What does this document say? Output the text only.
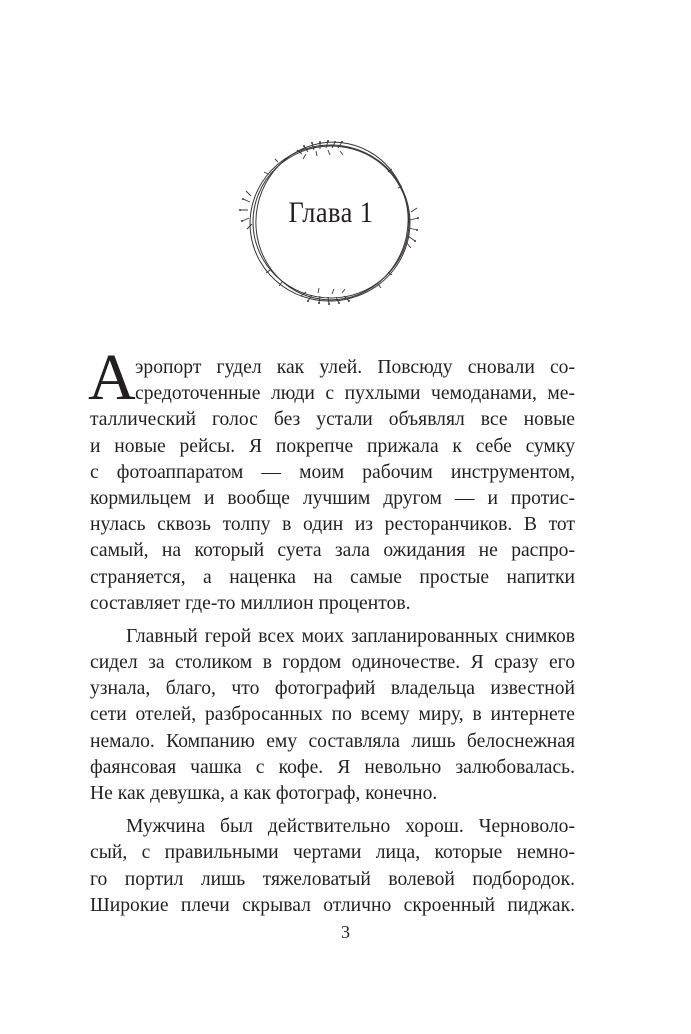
Глава 1
А эропорт гудел как улей. Повсюду сновали со-
средоточенные люди с пухлыми чемоданами, ме-
таллический голос без устали объявлял все новые
и новые рейсы. Я покрепче прижала к себе сумку
с фотоаппаратом — моим рабочим инструментом,
кормильцем и вообще лучшим другом — и протис-
нулась сквозь толпу в один из ресторанчиков. В тот
самый, на который суета зала ожидания не распро-
страняется, а наценка на самые простые напитки
составляет где-то миллион процентов.
Главный герой всех моих запланированных снимков
сидел за столиком в гордом одиночестве. Я сразу его
узнала, благо, что фотографий владельца известной
сети отелей, разбросанных по всему миру, в интернете
немало. Компанию ему составляла лишь белоснежная
фаянсовая чашка с кофе. Я невольно залюбовалась.
Не как девушка, а как фотограф, конечно.
Мужчина был действительно хорош. Черноволо-
сый, с правильными чертами лица, которые немно-
го портил лишь тяжеловатый волевой подбородок.
Широкие плечи скрывал отлично скроенный пиджак.
3
